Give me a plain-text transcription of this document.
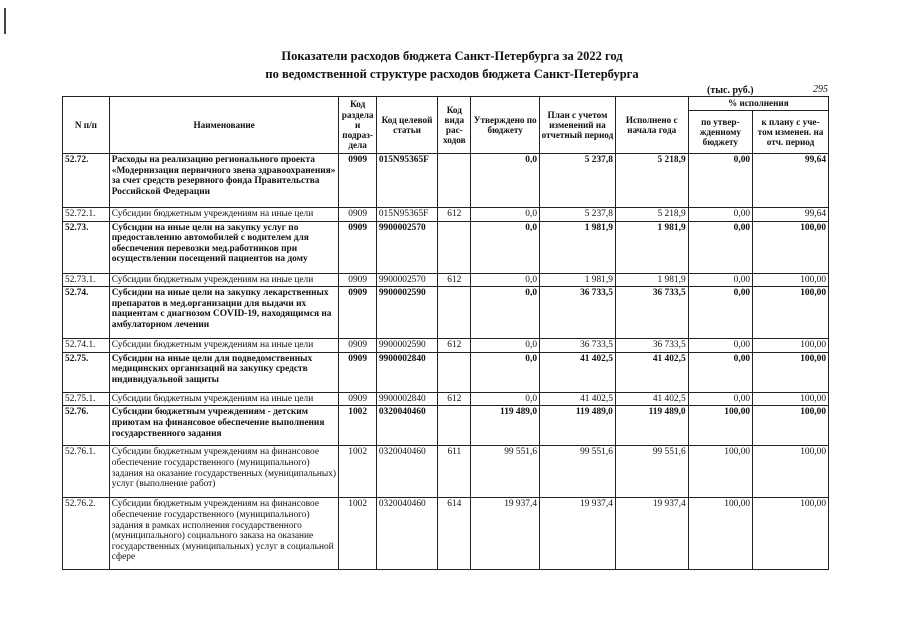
Показатели расходов бюджета Санкт-Петербурга за 2022 год
по ведомственной структуре расходов бюджета Санкт-Петербурга
(тыс. руб.)	295
N п/п	Наименование	Код раздела и подраз-дела	Код целевой статьи	Код вида рас-ходов	Утверждено по бюджету	План с учетом изменений на отчетный период	Исполнено с начала года	% исполнения	
								по утвер-жденному бюджету	к плану с уче-том изменен. на отч. период
52.72.	Расходы на реализацию регионального проекта «Модернизация первичного звена здравоохранения» за счет средств резервного фонда Правительства Российской Федерации	0909	015N95365F		0,0	5 237,8	5 218,9	0,00	99,64
52.72.1.	Субсидии бюджетным учреждениям на иные цели	0909	015N95365F	612	0,0	5 237,8	5 218,9	0,00	99,64
52.73.	Субсидии на иные цели на закупку услуг по предоставлению автомобилей с водителем для обеспечения перевозки мед.работников при осуществлении посещений пациентов на дому	0909	9900002570		0,0	1 981,9	1 981,9	0,00	100,00
52.73.1.	Субсидии бюджетным учреждениям на иные цели	0909	9900002570	612	0,0	1 981,9	1 981,9	0,00	100,00
52.74.	Субсидии на иные цели на закупку лекарственных препаратов в мед.организации для выдачи их пациентам с диагнозом COVID-19, находящимся на амбулаторном лечении	0909	9900002590		0,0	36 733,5	36 733,5	0,00	100,00
52.74.1.	Субсидии бюджетным учреждениям на иные цели	0909	9900002590	612	0,0	36 733,5	36 733,5	0,00	100,00
52.75.	Субсидии на иные цели для подведомственных медицинских организаций на закупку средств индивидуальной защиты	0909	9900002840		0,0	41 402,5	41 402,5	0,00	100,00
52.75.1.	Субсидии бюджетным учреждениям на иные цели	0909	9900002840	612	0,0	41 402,5	41 402,5	0,00	100,00
52.76.	Субсидии бюджетным учреждениям - детским приютам на финансовое обеспечение выполнения государственного задания	1002	0320040460		119 489,0	119 489,0	119 489,0	100,00	100,00
52.76.1.	Субсидии бюджетным учреждениям на финансовое обеспечение государственного (муниципального) задания на оказание государственных (муниципальных) услуг (выполнение работ)	1002	0320040460	611	99 551,6	99 551,6	99 551,6	100,00	100,00
52.76.2.	Субсидии бюджетным учреждениям на финансовое обеспечение государственного (муниципального) задания в рамках исполнения государственного (муниципального) социального заказа на оказание государственных (муниципальных) услуг в социальной сфере	1002	0320040460	614	19 937,4	19 937,4	19 937,4	100,00	100,00
